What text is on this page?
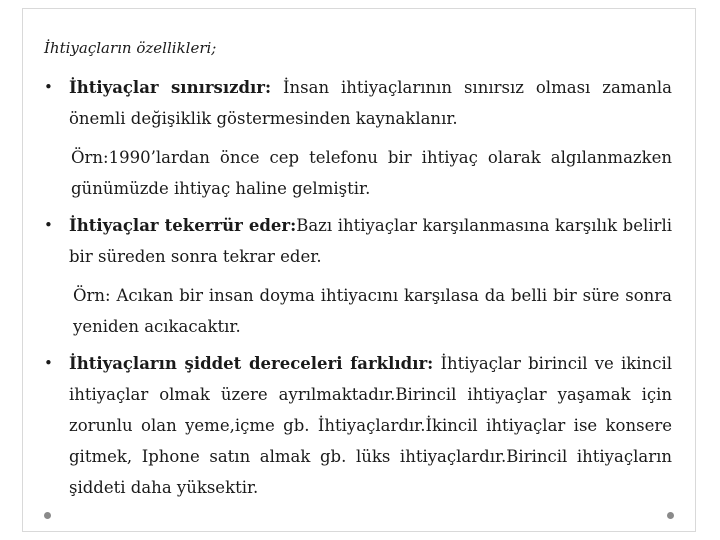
İhtiyaçların özellikleri;
• İhtiyaçlar sınırsızdır: İnsan ihtiyaçlarının sınırsız olması zamanla önemli değişiklik göstermesinden kaynaklanır.
Örn:1990’lardan önce cep telefonu bir ihtiyaç olarak algılanmazken günümüzde ihtiyaç haline gelmiştir.
• İhtiyaçlar tekerrür eder:Bazı ihtiyaçlar karşılanmasına karşılık belirli bir süreden sonra tekrar eder.
Örn: Acıkan bir insan doyma ihtiyacını karşılasa da belli bir süre sonra yeniden acıkacaktır.
• İhtiyaçların şiddet dereceleri farklıdır: İhtiyaçlar birincil ve ikincil ihtiyaçlar olmak üzere ayrılmaktadır.Birincil ihtiyaçlar yaşamak için zorunlu olan yeme,içme gb. İhtiyaçlardır.İkincil ihtiyaçlar ise konsere gitmek, Iphone satın almak gb. lüks ihtiyaçlardır.Birincil ihtiyaçların şiddeti daha yüksektir.
